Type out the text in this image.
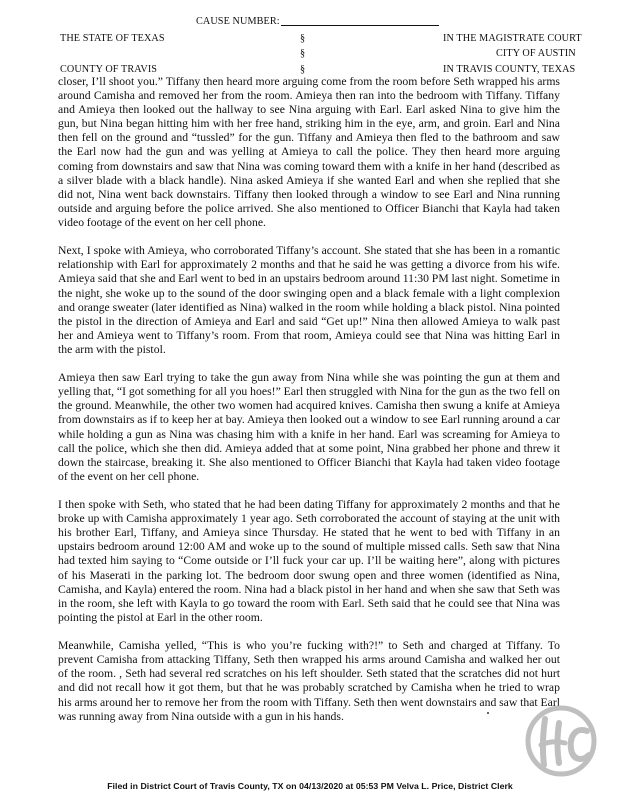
CAUSE NUMBER:
THE STATE OF TEXAS
COUNTY OF TRAVIS
§
§
§
IN THE MAGISTRATE COURT
CITY OF AUSTIN
IN TRAVIS COUNTY, TEXAS

closer, I’ll shoot you.” Tiffany then heard more arguing come from the room before Seth wrapped his arms around Camisha and removed her from the room. Amieya then ran into the bedroom with Tiffany. Tiffany and Amieya then looked out the hallway to see Nina arguing with Earl. Earl asked Nina to give him the gun, but Nina began hitting him with her free hand, striking him in the eye, arm, and groin. Earl and Nina then fell on the ground and “tussled” for the gun. Tiffany and Amieya then fled to the bathroom and saw the Earl now had the gun and was yelling at Amieya to call the police. They then heard more arguing coming from downstairs and saw that Nina was coming toward them with a knife in her hand (described as a silver blade with a black handle). Nina asked Amieya if she wanted Earl and when she replied that she did not, Nina went back downstairs. Tiffany then looked through a window to see Earl and Nina running outside and arguing before the police arrived. She also mentioned to Officer Bianchi that Kayla had taken video footage of the event on her cell phone.

Next, I spoke with Amieya, who corroborated Tiffany’s account. She stated that she has been in a romantic relationship with Earl for approximately 2 months and that he said he was getting a divorce from his wife. Amieya said that she and Earl went to bed in an upstairs bedroom around 11:30 PM last night. Sometime in the night, she woke up to the sound of the door swinging open and a black female with a light complexion and orange sweater (later identified as Nina) walked in the room while holding a black pistol. Nina pointed the pistol in the direction of Amieya and Earl and said “Get up!” Nina then allowed Amieya to walk past her and Amieya went to Tiffany’s room. From that room, Amieya could see that Nina was hitting Earl in the arm with the pistol.

Amieya then saw Earl trying to take the gun away from Nina while she was pointing the gun at them and yelling that, “I got something for all you hoes!” Earl then struggled with Nina for the gun as the two fell on the ground. Meanwhile, the other two women had acquired knives. Camisha then swung a knife at Amieya from downstairs as if to keep her at bay. Amieya then looked out a window to see Earl running around a car while holding a gun as Nina was chasing him with a knife in her hand. Earl was screaming for Amieya to call the police, which she then did. Amieya added that at some point, Nina grabbed her phone and threw it down the staircase, breaking it. She also mentioned to Officer Bianchi that Kayla had taken video footage of the event on her cell phone.

I then spoke with Seth, who stated that he had been dating Tiffany for approximately 2 months and that he broke up with Camisha approximately 1 year ago. Seth corroborated the account of staying at the unit with his brother Earl, Tiffany, and Amieya since Thursday. He stated that he went to bed with Tiffany in an upstairs bedroom around 12:00 AM and woke up to the sound of multiple missed calls. Seth saw that Nina had texted him saying to “Come outside or I’ll fuck your car up. I’ll be waiting here”, along with pictures of his Maserati in the parking lot. The bedroom door swung open and three women (identified as Nina, Camisha, and Kayla) entered the room. Nina had a black pistol in her hand and when she saw that Seth was in the room, she left with Kayla to go toward the room with Earl. Seth said that he could see that Nina was pointing the pistol at Earl in the other room.

Meanwhile, Camisha yelled, “This is who you’re fucking with?!” to Seth and charged at Tiffany. To prevent Camisha from attacking Tiffany, Seth then wrapped his arms around Camisha and walked her out of the room. , Seth had several red scratches on his left shoulder. Seth stated that the scratches did not hurt and did not recall how it got them, but that he was probably scratched by Camisha when he tried to wrap his arms around her to remove her from the room with Tiffany. Seth then went downstairs and saw that Earl was running away from Nina outside with a gun in his hands.

Filed in District Court of Travis County, TX on 04/13/2020 at 05:53 PM Velva L. Price, District Clerk
